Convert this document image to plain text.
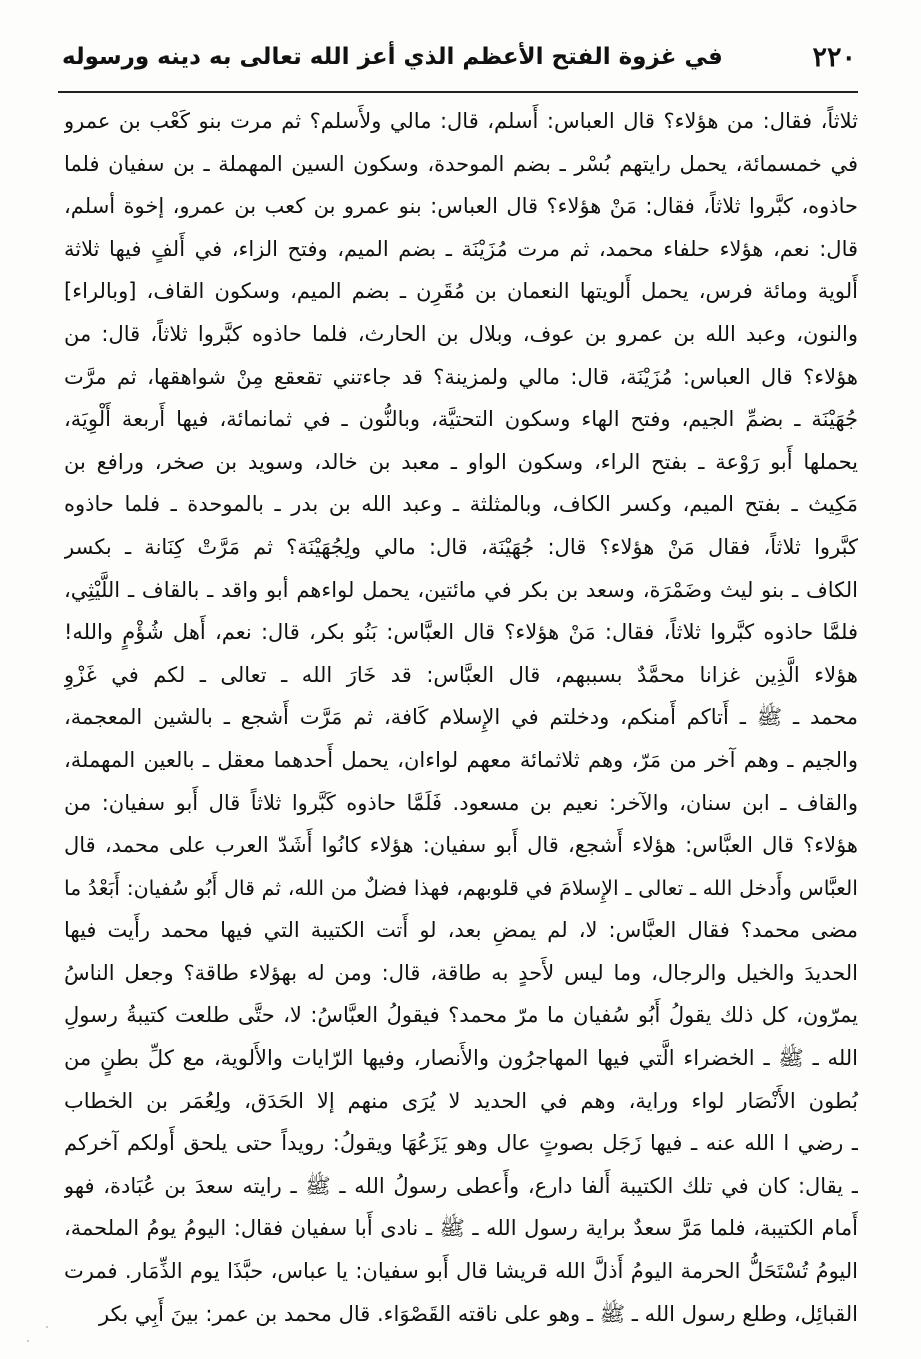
٢٢٠
في غزوة الفتح الأعظم الذي أعز الله تعالى به دينه ورسوله
ثلاثاً، فقال: من هؤلاء؟ قال العباس: أَسلم، قال: مالي ولأَسلم؟ ثم مرت بنو كَعْب بن عمرو
في خمسمائة، يحمل رايتهم بُسْر ـ بضم الموحدة، وسكون السين المهملة ـ بن سفيان فلما
حاذوه، كبَّروا ثلاثاً، فقال: مَنْ هؤلاء؟ قال العباس: بنو عمرو بن كعب بن عمرو، إخوة أسلم،
قال: نعم، هؤلاء حلفاء محمد، ثم مرت مُزَيْنَة ـ بضم الميم، وفتح الزاء، في أَلفٍ فيها ثلاثة
أَلوية ومائة فرس، يحمل أَلويتها النعمان بن مُقَرِن ـ بضم الميم، وسكون القاف، [وبالراء]
والنون، وعبد الله بن عمرو بن عوف، وبلال بن الحارث، فلما حاذوه كبَّروا ثلاثاً، قال: من
هؤلاء؟ قال العباس: مُزَيْنَة، قال: مالي ولمزينة؟ قد جاءتني تقعقع مِنْ شواهقها، ثم مرَّت
جُهَيْنَة ـ بضمِّ الجيم، وفتح الهاء وسكون التحتيَّة، وبالنُّون ـ في ثمانمائة، فيها أَربعة أَلْوِيَة،
يحملها أَبو رَوْعة ـ بفتح الراء، وسكون الواو ـ معبد بن خالد، وسويد بن صخر، ورافع بن
مَكِيث ـ بفتح الميم، وكسر الكاف، وبالمثلثة ـ وعبد الله بن بدر ـ بالموحدة ـ فلما حاذوه
كبَّروا ثلاثاً، فقال مَنْ هؤلاء؟ قال: جُهَيْنَة، قال: مالي ولِجُهَيْنَة؟ ثم مَرَّتْ كِنَانة ـ بكسر
الكاف ـ بنو ليث وضَمْرَة، وسعد بن بكر في مائتين، يحمل لواءهم أبو واقد ـ بالقاف ـ اللَّيْثِي،
فلمَّا حاذوه كبَّروا ثلاثاً، فقال: مَنْ هؤلاء؟ قال العبَّاس: بَنُو بكر، قال: نعم، أَهل شُؤْمٍ والله!
هؤلاء الَّذِين غزانا محمَّدٌ بسببهم، قال العبَّاس: قد خَارَ الله ـ تعالى ـ لكم في غَزْوِ
محمد ـ ﷺ ـ أَتاكم أَمنكم، ودخلتم في الإِسلام كَافة، ثم مَرَّت أَشجع ـ بالشين المعجمة،
والجيم ـ وهم آخر من مَرّ، وهم ثلاثمائة معهم لواءان، يحمل أَحدهما معقل ـ بالعين المهملة،
والقاف ـ ابن سنان، والآخر: نعيم بن مسعود. فَلَمَّا حاذوه كَبَّروا ثلاثاً قال أَبو سفيان: من
هؤلاء؟ قال العبَّاس: هؤلاء أَشجع، قال أَبو سفيان: هؤلاء كانُوا أَشَدّ العرب على محمد، قال
العبَّاس وأَدخل الله ـ تعالى ـ الإِسلامَ في قلوبهم، فهذا فضلٌ من الله، ثم قال أَبُو سُفيان: أَبَعْدُ ما
مضى محمد؟ فقال العبَّاس: لا، لم يمضِ بعد، لو أَتت الكتيبة التي فيها محمد رأَيت فيها
الحديدَ والخيل والرجال، وما ليس لأَحدٍ به طاقة، قال: ومن له بهؤلاء طاقة؟ وجعل الناسُ
يمرّون، كل ذلك يقولُ أَبُو سُفيان ما مرّ محمد؟ فيقولُ العبَّاسُ: لا، حتَّى طلعت كتيبةُ رسولِ
الله ـ ﷺ ـ الخضراء الَّتي فيها المهاجرُون والأَنصار، وفيها الرّايات والأَلوية، مع كلِّ بطنٍ من
بُطون الأَنْصَار لواء وراية، وهم في الحديد لا يُرَى منهم إلا الحَدَق، ولِعُمَر بن الخطاب
ـ رضي ا الله عنه ـ فيها زَجَل بصوتٍ عال وهو يَزَعُهَا ويقولُ: رويداً حتى يلحق أَولكم آخركم
ـ يقال: كان في تلك الكتيبة أَلفا دارع، وأَعطى رسولُ الله ـ ﷺ ـ رايته سعدَ بن عُبَادة، فهو
أَمام الكتيبة، فلما مَرَّ سعدٌ براية رسول الله ـ ﷺ ـ نادى أَبا سفيان فقال: اليومُ يومُ الملحمة،
اليومُ تُسْتَحَلُّ الحرمة اليومُ أَذلَّ الله قريشا قال أَبو سفيان: يا عباس، حبَّذَا يوم الذِّمَار. فمرت
القبائِل، وطلع رسول الله ـ ﷺ ـ وهو على ناقته القَصْوَاء. قال محمد بن عمر: بينَ أَبِي بكر
